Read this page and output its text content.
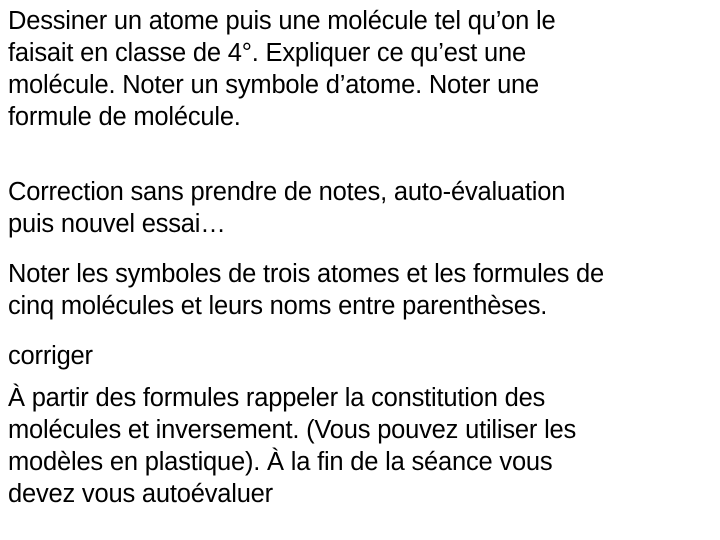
Dessiner un atome puis une molécule tel qu’on le
faisait en classe de 4°. Expliquer ce qu’est une
molécule. Noter un symbole d’atome. Noter une
formule de molécule.

Correction sans prendre de notes, auto-évaluation
puis nouvel essai…

Noter les symboles de trois atomes et les formules de
cinq molécules et leurs noms entre parenthèses.

corriger

À partir des formules rappeler la constitution des
molécules et inversement. (Vous pouvez utiliser les
modèles en plastique). À la fin de la séance vous
devez vous autoévaluer
